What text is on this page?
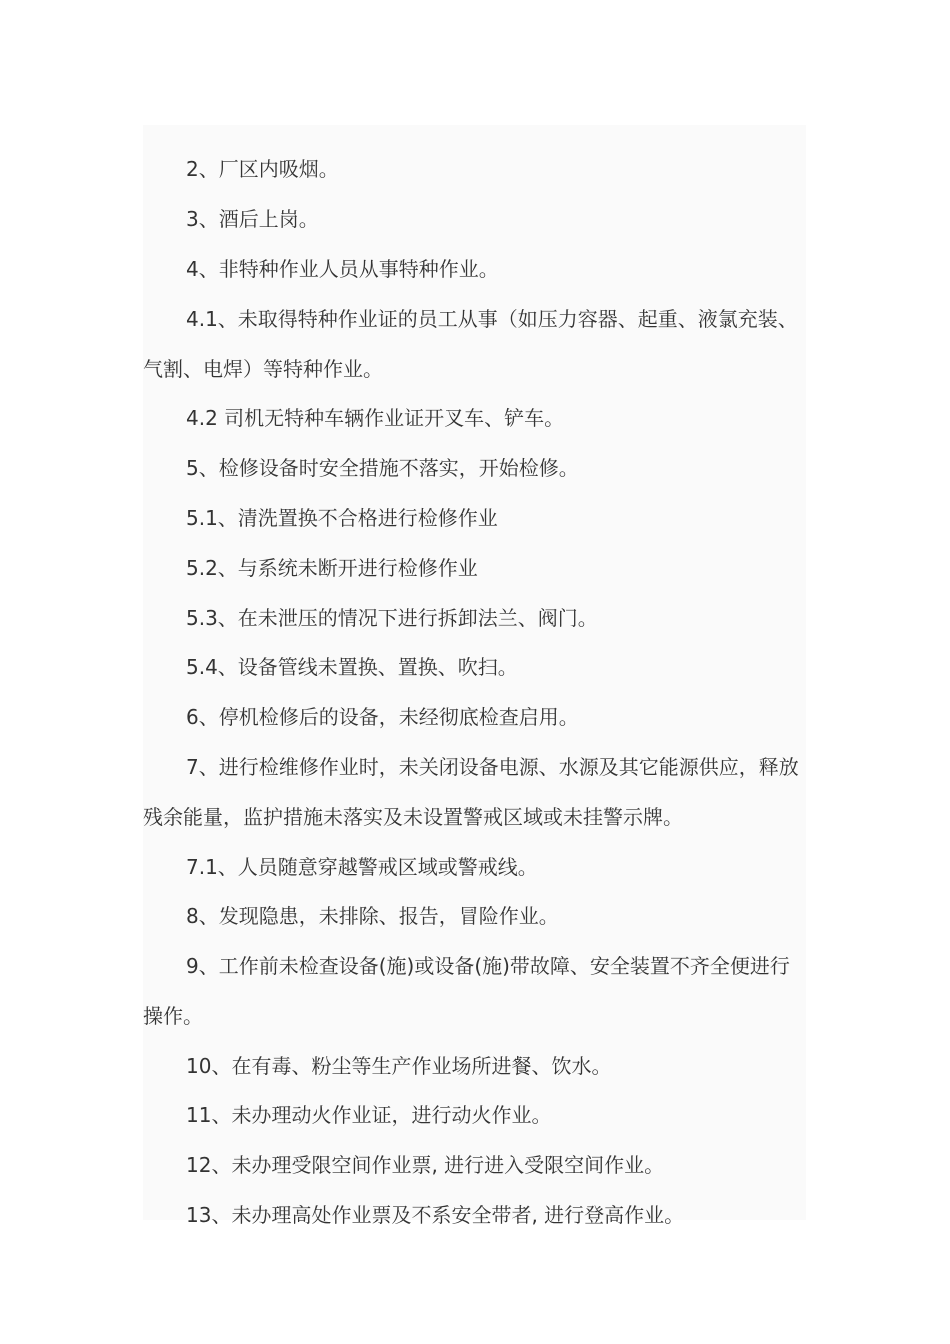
2、厂区内吸烟。

3、酒后上岗。

4、非特种作业人员从事特种作业。

4.1、未取得特种作业证的员工从事（如压力容器、起重、液氯充装、气割、电焊）等特种作业。

4.2 司机无特种车辆作业证开叉车、铲车。

5、检修设备时安全措施不落实，开始检修。

5.1、清洗置换不合格进行检修作业

5.2、与系统未断开进行检修作业

5.3、在未泄压的情况下进行拆卸法兰、阀门。

5.4、设备管线未置换、置换、吹扫。

6、停机检修后的设备，未经彻底检查启用。

7、进行检维修作业时，未关闭设备电源、水源及其它能源供应，释放残余能量，监护措施未落实及未设置警戒区域或未挂警示牌。

7.1、人员随意穿越警戒区域或警戒线。

8、发现隐患，未排除、报告，冒险作业。

9、工作前未检查设备(施)或设备(施)带故障、安全装置不齐全便进行操作。

10、在有毒、粉尘等生产作业场所进餐、饮水。

11、未办理动火作业证，进行动火作业。

12、未办理受限空间作业票, 进行进入受限空间作业。

13、未办理高处作业票及不系安全带者, 进行登高作业。
